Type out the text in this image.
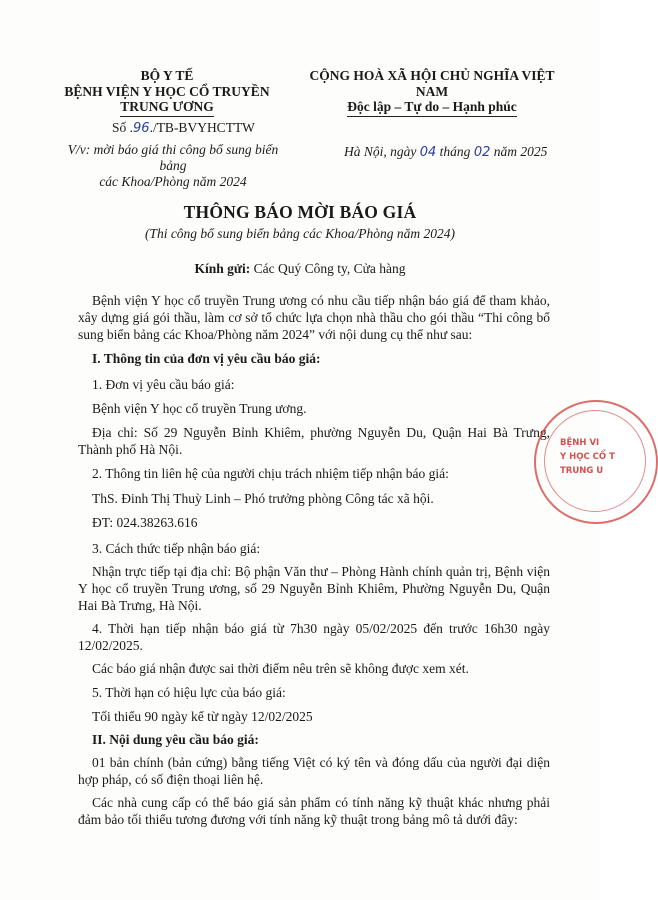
BỘ Y TẾ
BỆNH VIỆN Y HỌC CỔ TRUYỀN
TRUNG ƯƠNG
Số .96./TB-BVYHCTTW
V/v: mời báo giá thi công bổ sung biển bảng
các Khoa/Phòng năm 2024
CỘNG HOÀ XÃ HỘI CHỦ NGHĨA VIỆT NAM
Độc lập – Tự do – Hạnh phúc
Hà Nội, ngày 04 tháng 02 năm 2025
THÔNG BÁO MỜI BÁO GIÁ
(Thi công bổ sung biển bảng các Khoa/Phòng năm 2024)
Kính gửi: Các Quý Công ty, Cửa hàng
Bệnh viện Y học cổ truyền Trung ương có nhu cầu tiếp nhận báo giá để tham khảo, xây dựng giá gói thầu, làm cơ sở tổ chức lựa chọn nhà thầu cho gói thầu “Thi công bổ sung biển bảng các Khoa/Phòng năm 2024” với nội dung cụ thể như sau:
I. Thông tin của đơn vị yêu cầu báo giá:
1. Đơn vị yêu cầu báo giá:
Bệnh viện Y học cổ truyền Trung ương.
Địa chỉ: Số 29 Nguyễn Bỉnh Khiêm, phường Nguyễn Du, Quận Hai Bà Trưng, Thành phố Hà Nội.
2. Thông tin liên hệ của người chịu trách nhiệm tiếp nhận báo giá:
ThS. Đinh Thị Thuỳ Linh – Phó trưởng phòng Công tác xã hội.
ĐT: 024.38263.616
3. Cách thức tiếp nhận báo giá:
Nhận trực tiếp tại địa chỉ: Bộ phận Văn thư – Phòng Hành chính quản trị, Bệnh viện Y học cổ truyền Trung ương, số 29 Nguyễn Bỉnh Khiêm, Phường Nguyễn Du, Quận Hai Bà Trưng, Hà Nội.
4. Thời hạn tiếp nhận báo giá từ 7h30 ngày 05/02/2025 đến trước 16h30 ngày 12/02/2025.
Các báo giá nhận được sai thời điểm nêu trên sẽ không được xem xét.
5. Thời hạn có hiệu lực của báo giá:
Tối thiểu 90 ngày kể từ ngày 12/02/2025
II. Nội dung yêu cầu báo giá:
01 bản chính (bản cứng) bằng tiếng Việt có ký tên và đóng dấu của người đại diện hợp pháp, có số điện thoại liên hệ.
Các nhà cung cấp có thể báo giá sản phẩm có tính năng kỹ thuật khác nhưng phải đảm bảo tối thiểu tương đương với tính năng kỹ thuật trong bảng mô tả dưới đây:
BỆNH VI
Y HỌC CỔ T
TRUNG U
